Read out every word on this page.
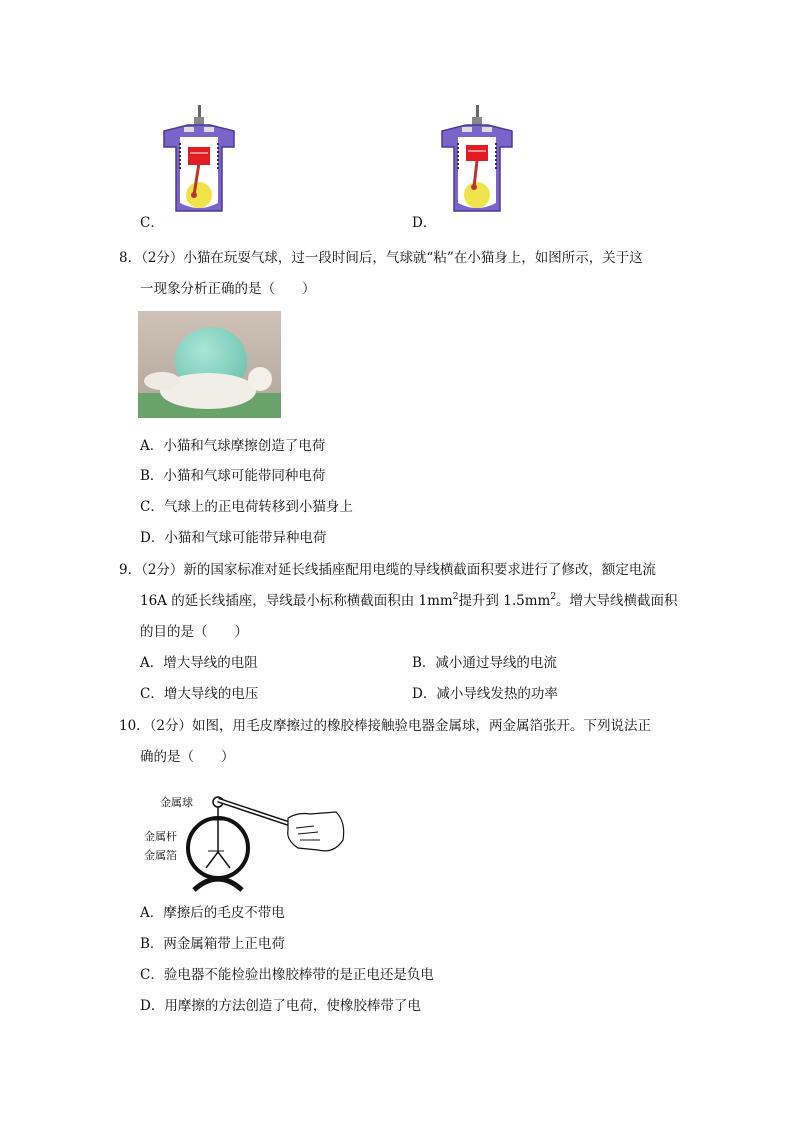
C．	D．
8．（2分）小猫在玩耍气球，过一段时间后，气球就“粘”在小猫身上，如图所示，关于这
一现象分析正确的是（　　）
A．小猫和气球摩擦创造了电荷
B．小猫和气球可能带同种电荷
C．气球上的正电荷转移到小猫身上
D．小猫和气球可能带异种电荷
9．（2分）新的国家标准对延长线插座配用电缆的导线横截面积要求进行了修改，额定电流
16A 的延长线插座，导线最小标称横截面积由 $1mm^2$提升到 $1.5mm^2$。增大导线横截面积
的目的是（　　）
A．增大导线的电阻	B．减小通过导线的电流
C．增大导线的电压	D．减小导线发热的功率
10．（2分）如图，用毛皮摩擦过的橡胶棒接触验电器金属球，两金属箔张开。下列说法正
确的是（　　）
金属球
金属杆
金属箔
A．摩擦后的毛皮不带电
B．两金属箱带上正电荷
C．验电器不能检验出橡胶棒带的是正电还是负电
D．用摩擦的方法创造了电荷，使橡胶棒带了电
